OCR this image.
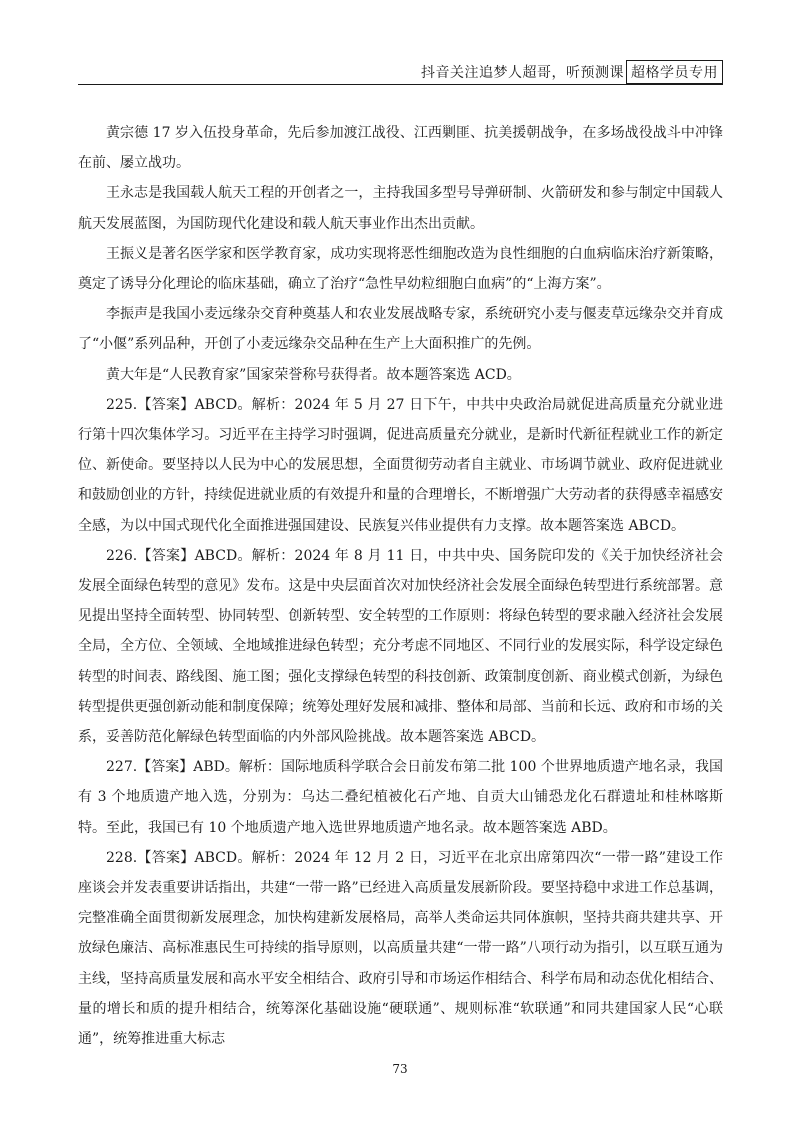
抖音关注追梦人超哥，听预测课 超格学员专用

黄宗德 17 岁入伍投身革命，先后参加渡江战役、江西剿匪、抗美援朝战争，在多场战役战斗中冲锋在前、屡立战功。

王永志是我国载人航天工程的开创者之一，主持我国多型号导弹研制、火箭研发和参与制定中国载人航天发展蓝图，为国防现代化建设和载人航天事业作出杰出贡献。

王振义是著名医学家和医学教育家，成功实现将恶性细胞改造为良性细胞的白血病临床治疗新策略，奠定了诱导分化理论的临床基础，确立了治疗“急性早幼粒细胞白血病”的“上海方案”。

李振声是我国小麦远缘杂交育种奠基人和农业发展战略专家，系统研究小麦与偃麦草远缘杂交并育成了“小偃”系列品种，开创了小麦远缘杂交品种在生产上大面积推广的先例。

黄大年是“人民教育家”国家荣誉称号获得者。故本题答案选 ACD。

225.【答案】ABCD。解析：2024 年 5 月 27 日下午，中共中央政治局就促进高质量充分就业进行第十四次集体学习。习近平在主持学习时强调，促进高质量充分就业，是新时代新征程就业工作的新定位、新使命。要坚持以人民为中心的发展思想，全面贯彻劳动者自主就业、市场调节就业、政府促进就业和鼓励创业的方针，持续促进就业质的有效提升和量的合理增长，不断增强广大劳动者的获得感幸福感安全感，为以中国式现代化全面推进强国建设、民族复兴伟业提供有力支撑。故本题答案选 ABCD。

226.【答案】ABCD。解析：2024 年 8 月 11 日，中共中央、国务院印发的《关于加快经济社会发展全面绿色转型的意见》发布。这是中央层面首次对加快经济社会发展全面绿色转型进行系统部署。意见提出坚持全面转型、协同转型、创新转型、安全转型的工作原则：将绿色转型的要求融入经济社会发展全局，全方位、全领域、全地域推进绿色转型；充分考虑不同地区、不同行业的发展实际，科学设定绿色转型的时间表、路线图、施工图；强化支撑绿色转型的科技创新、政策制度创新、商业模式创新，为绿色转型提供更强创新动能和制度保障；统筹处理好发展和减排、整体和局部、当前和长远、政府和市场的关系，妥善防范化解绿色转型面临的内外部风险挑战。故本题答案选 ABCD。

227.【答案】ABD。解析：国际地质科学联合会日前发布第二批 100 个世界地质遗产地名录，我国有 3 个地质遗产地入选，分别为：乌达二叠纪植被化石产地、自贡大山铺恐龙化石群遗址和桂林喀斯特。至此，我国已有 10 个地质遗产地入选世界地质遗产地名录。故本题答案选 ABD。

228.【答案】ABCD。解析：2024 年 12 月 2 日，习近平在北京出席第四次“一带一路”建设工作座谈会并发表重要讲话指出，共建“一带一路”已经进入高质量发展新阶段。要坚持稳中求进工作总基调，完整准确全面贯彻新发展理念，加快构建新发展格局，高举人类命运共同体旗帜，坚持共商共建共享、开放绿色廉洁、高标准惠民生可持续的指导原则，以高质量共建“一带一路”八项行动为指引，以互联互通为主线，坚持高质量发展和高水平安全相结合、政府引导和市场运作相结合、科学布局和动态优化相结合、量的增长和质的提升相结合，统筹深化基础设施“硬联通”、规则标准“软联通”和同共建国家人民“心联通”，统筹推进重大标志

73
